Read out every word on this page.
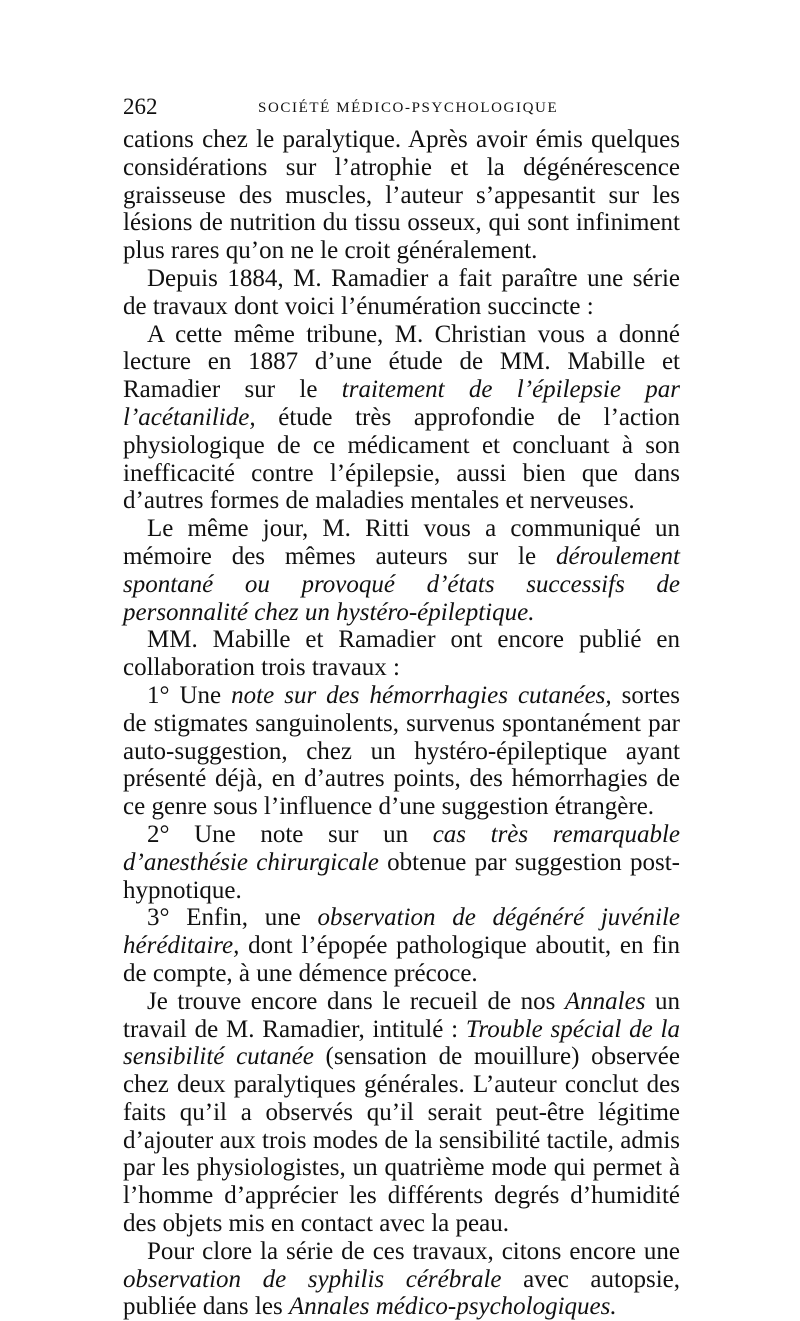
262	SOCIÉTÉ MÉDICO-PSYCHOLOGIQUE

cations chez le paralytique. Après avoir émis quelques considérations sur l’atrophie et la dégénérescence graisseuse des muscles, l’auteur s’appesantit sur les lésions de nutrition du tissu osseux, qui sont infiniment plus rares qu’on ne le croit généralement.

Depuis 1884, M. Ramadier a fait paraître une série de travaux dont voici l’énumération succincte :

A cette même tribune, M. Christian vous a donné lecture en 1887 d’une étude de MM. Mabille et Ramadier sur le traitement de l’épilepsie par l’acétanilide, étude très approfondie de l’action physiologique de ce médicament et concluant à son inefficacité contre l’épilepsie, aussi bien que dans d’autres formes de maladies mentales et nerveuses.

Le même jour, M. Ritti vous a communiqué un mémoire des mêmes auteurs sur le déroulement spontané ou provoqué d’états successifs de personnalité chez un hystéro-épileptique.

MM. Mabille et Ramadier ont encore publié en collaboration trois travaux :

1° Une note sur des hémorrhagies cutanées, sortes de stigmates sanguinolents, survenus spontanément par auto-suggestion, chez un hystéro-épileptique ayant présenté déjà, en d’autres points, des hémorrhagies de ce genre sous l’influence d’une suggestion étrangère.

2° Une note sur un cas très remarquable d’anesthésie chirurgicale obtenue par suggestion post-hypnotique.

3° Enfin, une observation de dégénéré juvénile héréditaire, dont l’épopée pathologique aboutit, en fin de compte, à une démence précoce.

Je trouve encore dans le recueil de nos Annales un travail de M. Ramadier, intitulé : Trouble spécial de la sensibilité cutanée (sensation de mouillure) observée chez deux paralytiques générales. L’auteur conclut des faits qu’il a observés qu’il serait peut-être légitime d’ajouter aux trois modes de la sensibilité tactile, admis par les physiologistes, un quatrième mode qui permet à l’homme d’apprécier les différents degrés d’humidité des objets mis en contact avec la peau.

Pour clore la série de ces travaux, citons encore une observation de syphilis cérébrale avec autopsie, publiée dans les Annales médico-psychologiques.
